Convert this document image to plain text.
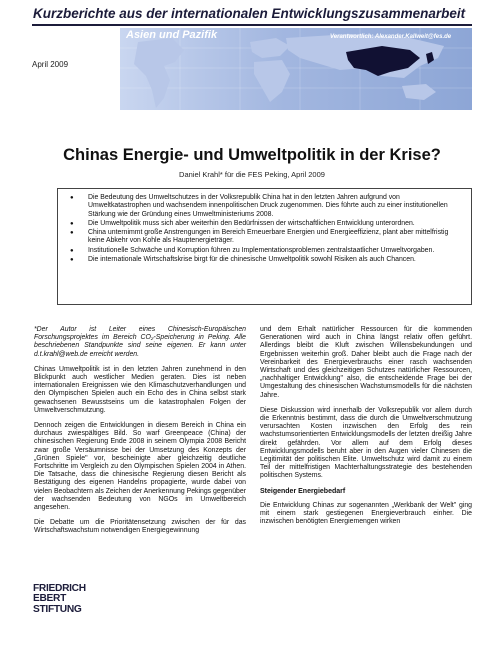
Kurzberichte aus der internationalen Entwicklungszusammenarbeit
Asien und Pazifik	Verantwortlich: Alexander.Kallweit@fes.de
April 2009
Chinas Energie- und Umweltpolitik in der Krise?
Daniel Krahl* für die FES Peking, April 2009
●	Die Bedeutung des Umweltschutzes in der Volksrepublik China hat in den letzten Jahren aufgrund von Umweltkatastrophen und wachsendem innenpolitischen Druck zugenommen. Dies führte auch zu einer institutionellen Stärkung wie der Gründung eines Umweltministeriums 2008.
●	Die Umweltpolitik muss sich aber weiterhin den Bedürfnissen der wirtschaftlichen Entwicklung unterordnen.
●	China unternimmt große Anstrengungen im Bereich Erneuerbare Energien und Energieeffizienz, plant aber mittelfristig keine Abkehr von Kohle als Hauptenergieträger.
●	Institutionelle Schwäche und Korruption führen zu Implementationsproblemen zentralstaatlicher Umweltvorgaben.
●	Die internationale Wirtschaftskrise birgt für die chinesische Umweltpolitik sowohl Risiken als auch Chancen.

*Der Autor ist Leiter eines Chinesisch-Europäischen Forschungsprojektes im Bereich CO₂-Speicherung in Peking. Alle beschriebenen Standpunkte sind seine eigenen. Er kann unter d.t.krahl@web.de erreicht werden.

Chinas Umweltpolitik ist in den letzten Jahren zunehmend in den Blickpunkt auch westlicher Medien geraten. Dies ist neben internationalen Ereignissen wie den Klimaschutzverhandlungen und den Olympischen Spielen auch ein Echo des in China selbst stark gewachsenen Bewusstseins um die katastrophalen Folgen der Umweltverschmutzung.

Dennoch zeigen die Entwicklungen in diesem Bereich in China ein durchaus zwiespältiges Bild. So warf Greenpeace (China) der chinesischen Regierung Ende 2008 in seinem Olympia 2008 Bericht zwar große Versäumnisse bei der Umsetzung des Konzepts der „Grünen Spiele" vor, bescheinigte aber gleichzeitig deutliche Fortschritte im Vergleich zu den Olympischen Spielen 2004 in Athen. Die Tatsache, dass die chinesische Regierung diesen Bericht als Bestätigung des eigenen Handelns propagierte, wurde dabei von vielen Beobachtern als Zeichen der Anerkennung Pekings gegenüber der wachsenden Bedeutung von NGOs im Umweltbereich angesehen.

Die Debatte um die Prioritätensetzung zwischen der für das Wirtschaftswachstum notwendigen Energiegewinnung

und dem Erhalt natürlicher Ressourcen für die kommenden Generationen wird auch in China längst relativ offen geführt. Allerdings bleibt die Kluft zwischen Willensbekundungen und Ergebnissen weiterhin groß. Daher bleibt auch die Frage nach der Vereinbarkeit des Energieverbrauchs einer rasch wachsenden Wirtschaft und des gleichzeitigen Schutzes natürlicher Ressourcen, „nachhaltiger Entwicklung" also, die entscheidende Frage bei der Umgestaltung des chinesischen Wachstumsmodells für die nächsten Jahre.

Diese Diskussion wird innerhalb der Volksrepublik vor allem durch die Erkenntnis bestimmt, dass die durch die Umweltverschmutzung verursachten Kosten inzwischen den Erfolg des rein wachstumsorientierten Entwicklungsmodells der letzten dreißig Jahre direkt gefährden. Vor allem auf dem Erfolg dieses Entwicklungsmodells beruht aber in den Augen vieler Chinesen die Legitimität der politischen Elite. Umweltschutz wird damit zu einem Teil der mittelfristigen Machterhaltungsstrategie des bestehenden politischen Systems.

Steigender Energiebedarf

Die Entwicklung Chinas zur sogenannten „Werkbank der Welt" ging mit einem stark gestiegenen Energieverbrauch einher. Die inzwischen benötigten Energiemengen wirken

FRIEDRICH
EBERT
STIFTUNG
